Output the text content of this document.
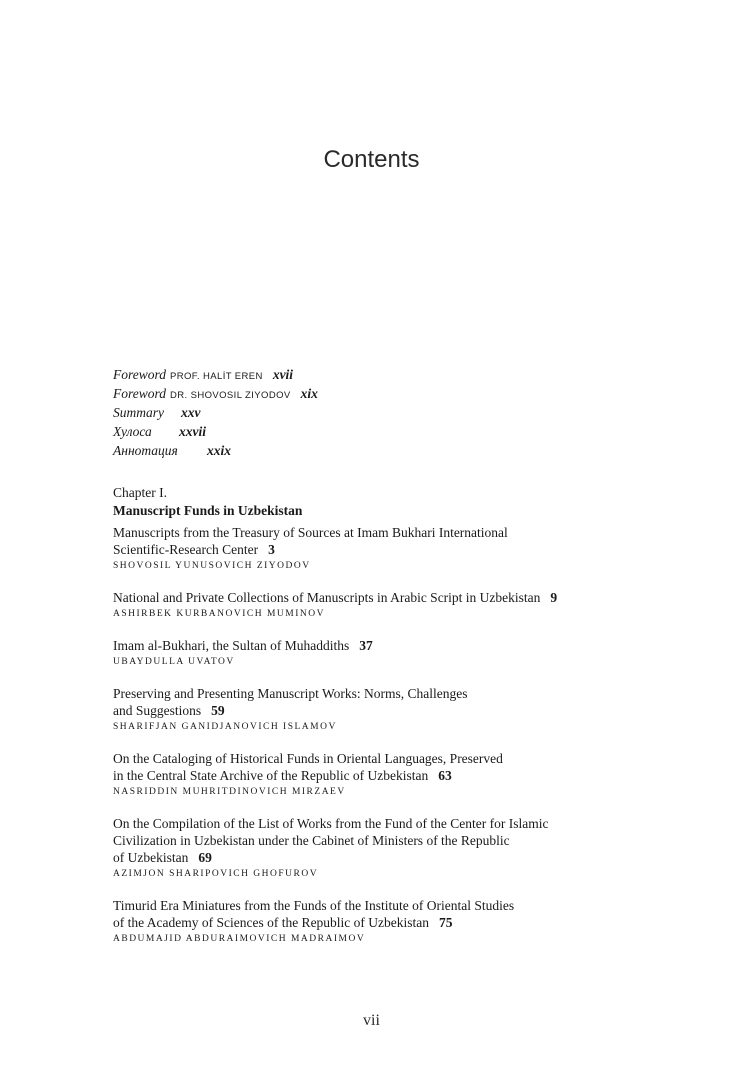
Contents
Foreword PROF. HALİT EREN xvii
Foreword DR. SHOVOSIL ZIYODOV xix
Summary xxv
Хулоса xxvii
Аннотация xxix
Chapter I.
Manuscript Funds in Uzbekistan
Manuscripts from the Treasury of Sources at Imam Bukhari International
Scientific-Research Center 3
SHOVOSIL YUNUSOVICH ZIYODOV
National and Private Collections of Manuscripts in Arabic Script in Uzbekistan 9
ASHIRBEK KURBANOVICH MUMINOV
Imam al-Bukhari, the Sultan of Muhaddiths 37
UBAYDULLA UVATOV
Preserving and Presenting Manuscript Works: Norms, Challenges
and Suggestions 59
SHARIFJAN GANIDJANOVICH ISLAMOV
On the Cataloging of Historical Funds in Oriental Languages, Preserved
in the Central State Archive of the Republic of Uzbekistan 63
NASRIDDIN MUHRITDINOVICH MIRZAEV
On the Compilation of the List of Works from the Fund of the Center for Islamic
Civilization in Uzbekistan under the Cabinet of Ministers of the Republic
of Uzbekistan 69
AZIMJON SHARIPOVICH GHOFUROV
Timurid Era Miniatures from the Funds of the Institute of Oriental Studies
of the Academy of Sciences of the Republic of Uzbekistan 75
ABDUMAJID ABDURAIMOVICH MADRAIMOV
vii
